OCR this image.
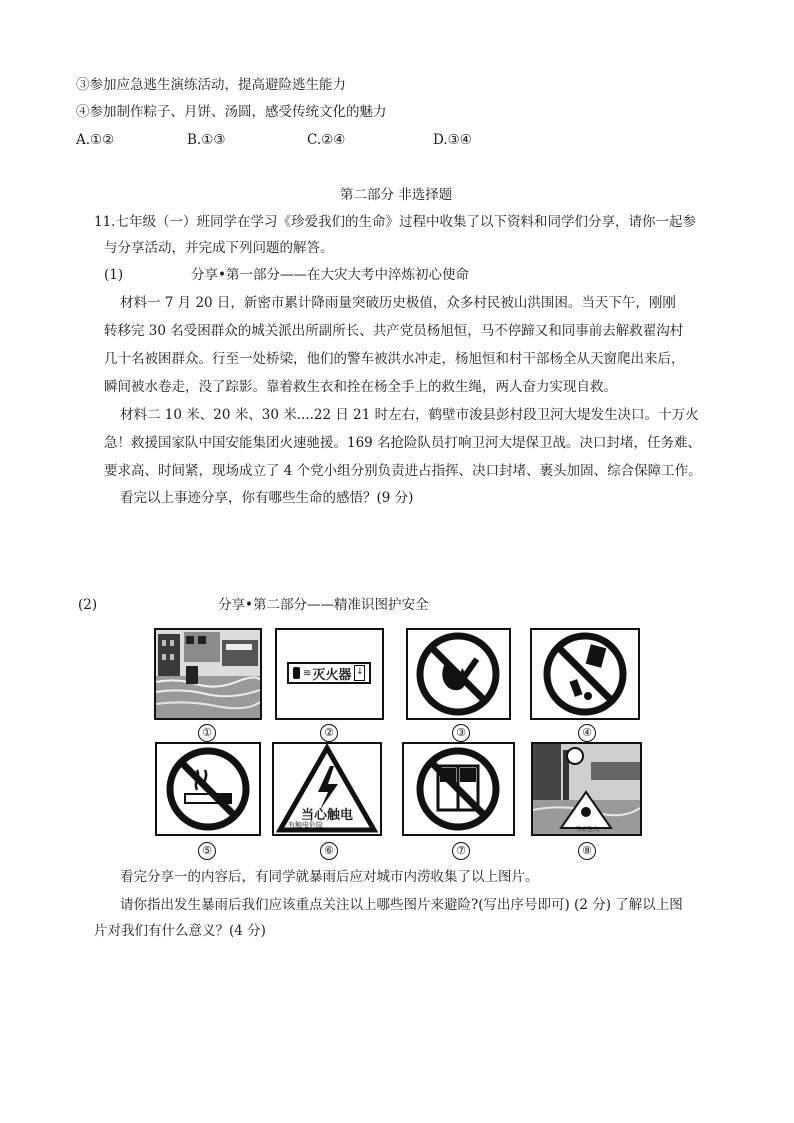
③参加应急逃生演练活动，提高避险逃生能力
④参加制作粽子、月饼、汤圆，感受传统文化的魅力
A.①②	B.①③	C.②④	D.③④
第二部分 非选择题
11.七年级（一）班同学在学习《珍爱我们的生命》过程中收集了以下资料和同学们分享，请你一起参
与分享活动，并完成下列问题的解答。
(1)	分享•第一部分——在大灾大考中淬炼初心使命
材料一 7 月 20 日，新密市累计降雨量突破历史极值，众多村民被山洪围困。当天下午，刚刚
转移完 30 名受困群众的城关派出所副所长、共产党员杨旭恒，马不停蹄又和同事前去解救翟沟村
几十名被困群众。行至一处桥梁，他们的警车被洪水冲走，杨旭恒和村干部杨全从天窗爬出来后，
瞬间被水卷走，没了踪影。靠着救生衣和拴在杨全手上的救生绳，两人奋力实现自救。
材料二 10 米、20 米、30 米....22 日 21 时左右，鹤壁市浚县彭村段卫河大堤发生决口。十万火
急！救援国家队中国安能集团火速驰援。169 名抢险队员打响卫河大堤保卫战。决口封堵，任务难、
要求高、时间紧，现场成立了 4 个党小组分别负责进占指挥、决口封堵、裹头加固、综合保障工作。
看完以上事迹分享，你有哪些生命的感悟？(9 分)
(2)	分享•第二部分——精准识图护安全
①
≋ 灭火器 ↓
②	③	④
⑤
当心触电
有触电危险
⑥	⑦
当心坠入
⑧
看完分享一的内容后，有同学就暴雨后应对城市内涝收集了以上图片。
请你指出发生暴雨后我们应该重点关注以上哪些图片来避险?(写出序号即可) (2 分) 了解以上图
片对我们有什么意义？(4 分)
